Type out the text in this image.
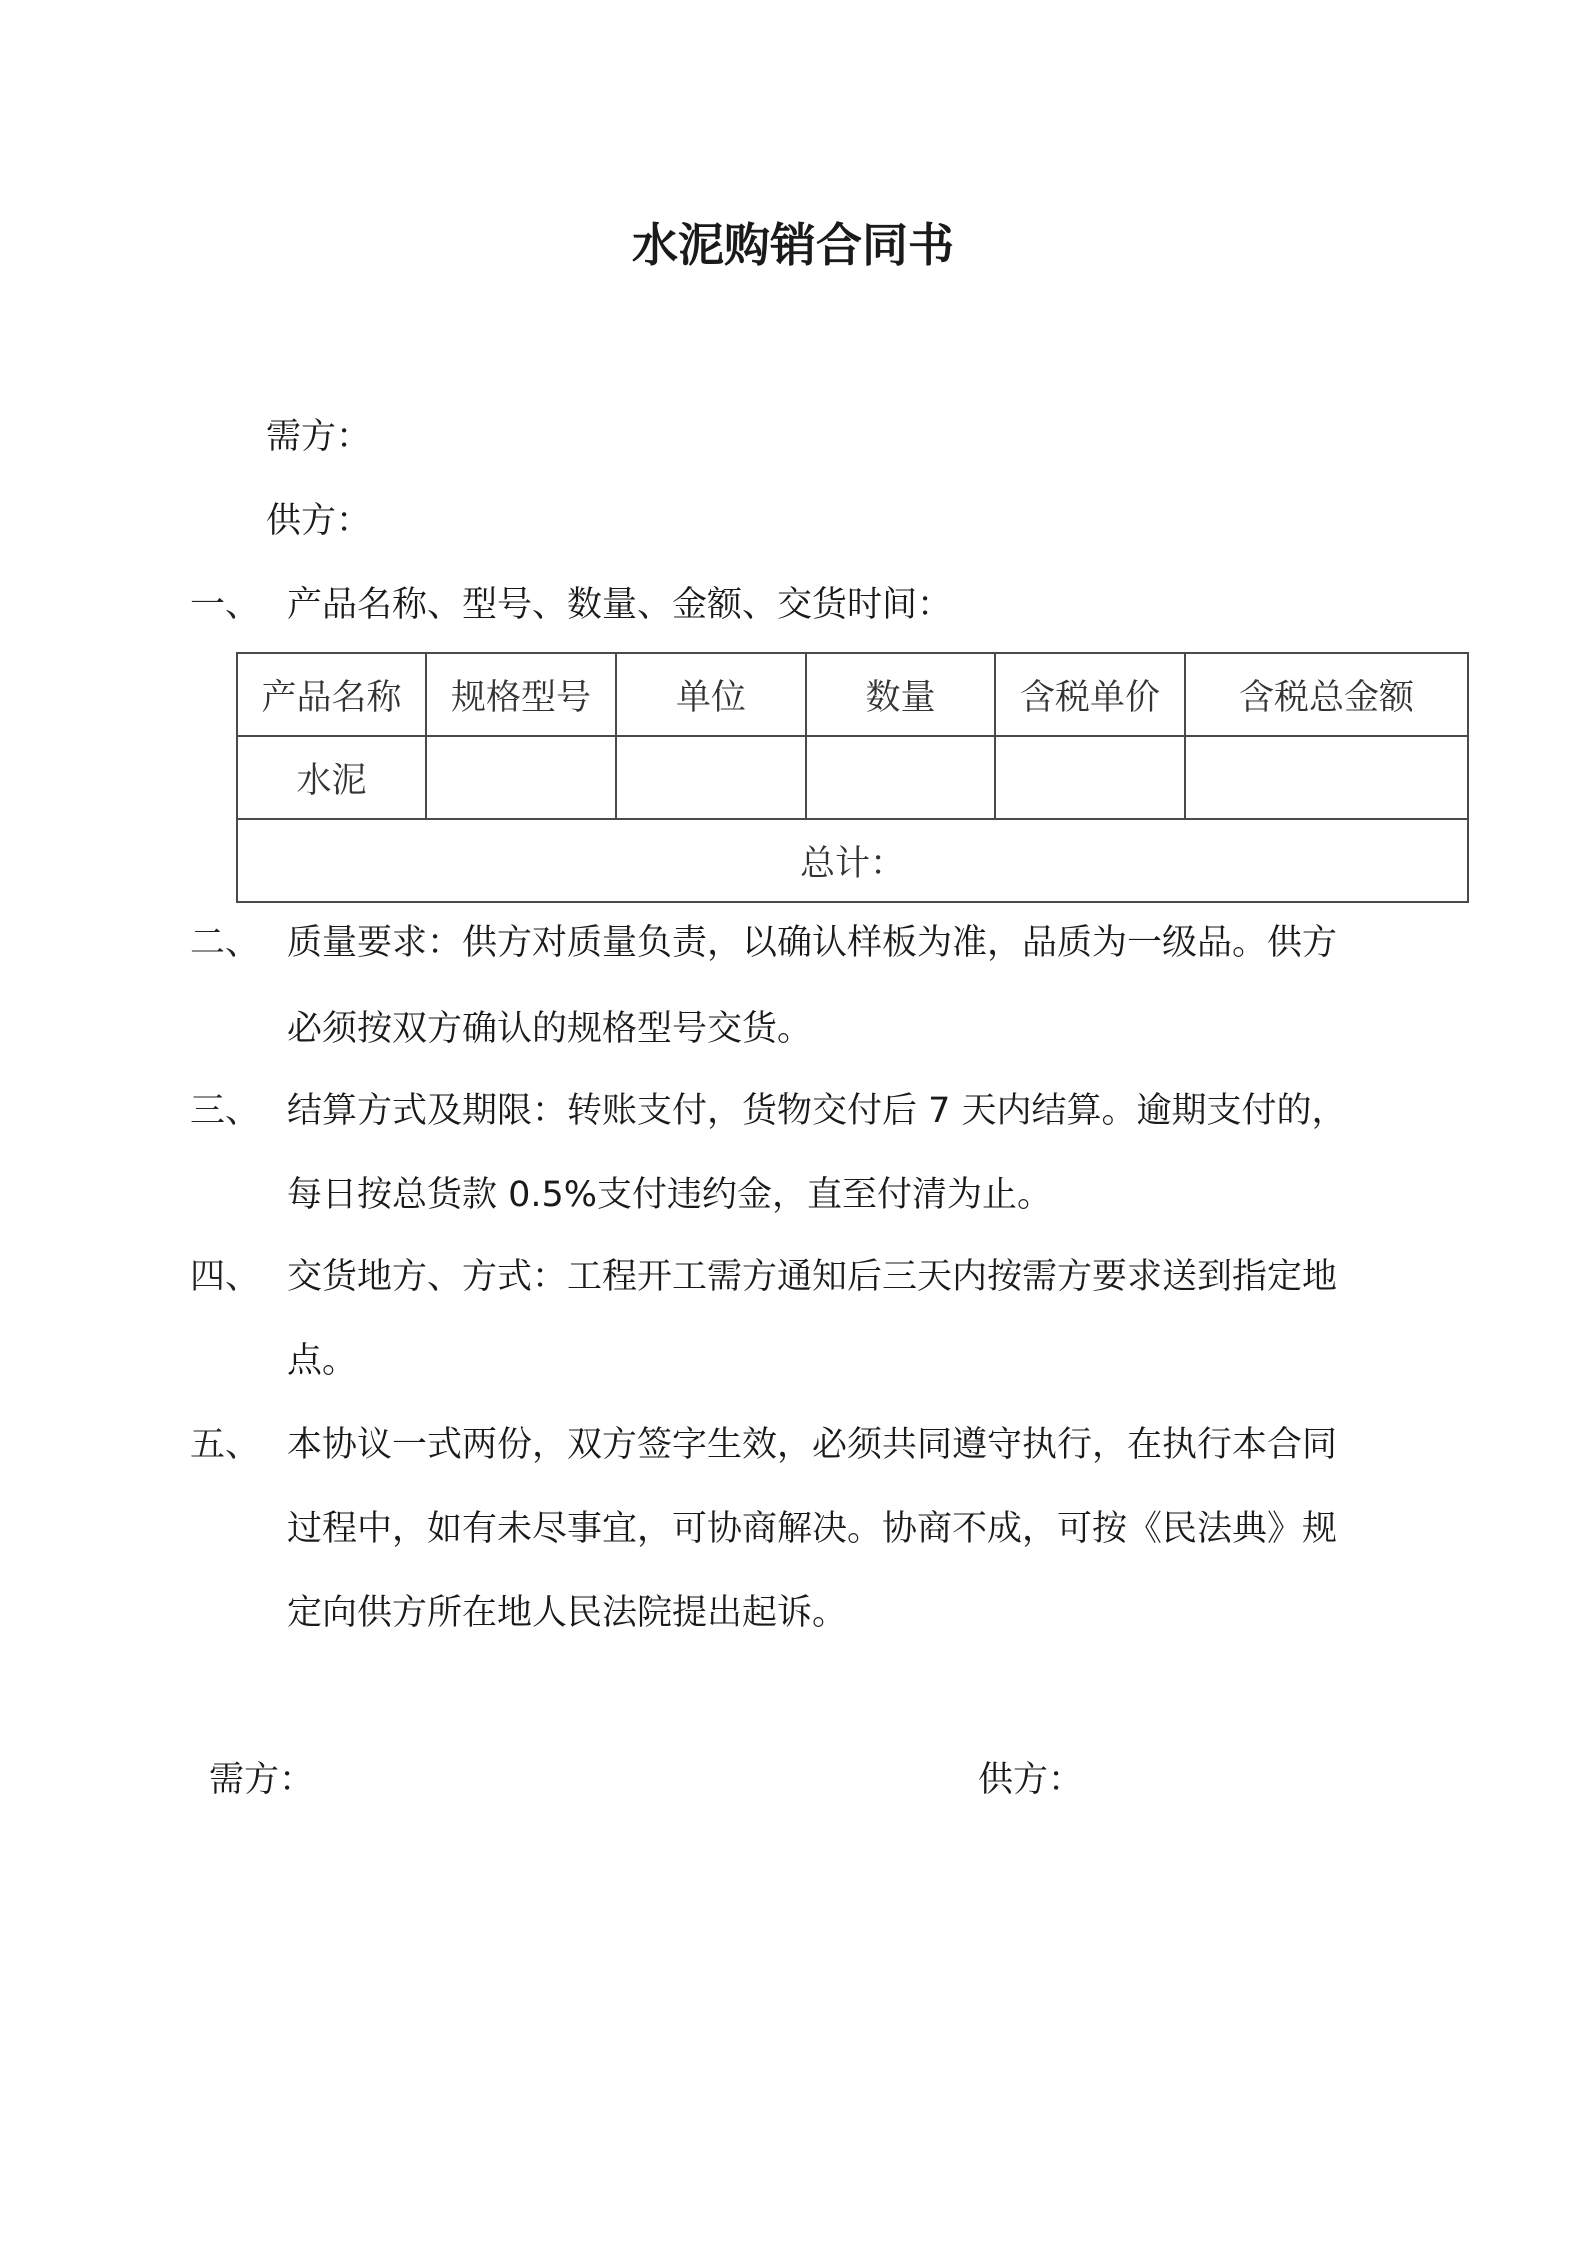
水泥购销合同书
需方：
供方：
一、 产品名称、型号、数量、金额、交货时间：
产品名称	规格型号	单位	数量	含税单价	含税总金额
水泥					
总计：					
二、 质量要求：供方对质量负责，以确认样板为准，品质为一级品。供方
必须按双方确认的规格型号交货。
三、 结算方式及期限：转账支付，货物交付后 7 天内结算。逾期支付的，
每日按总货款 0.5%支付违约金，直至付清为止。
四、 交货地方、方式：工程开工需方通知后三天内按需方要求送到指定地
点。
五、 本协议一式两份，双方签字生效，必须共同遵守执行，在执行本合同
过程中，如有未尽事宜，可协商解决。协商不成，可按《民法典》规
定向供方所在地人民法院提出起诉。
需方：	供方：
